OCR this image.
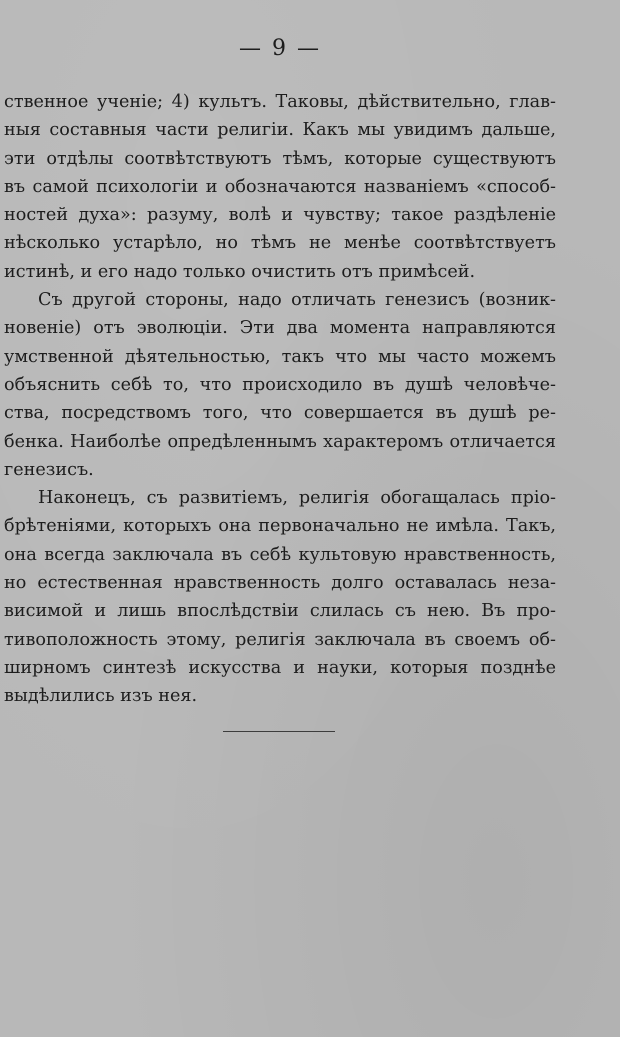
— 9 —
ственное ученіе; 4) культъ. Таковы, дѣйствительно, глав-
ныя составныя части религіи. Какъ мы увидимъ дальше,
эти отдѣлы соотвѣтствуютъ тѣмъ, которые существуютъ
въ самой психологіи и обозначаются названіемъ «способ-
ностей духа»: разуму, волѣ и чувству; такое раздѣленіе
нѣсколько устарѣло, но тѣмъ не менѣе соотвѣтствуетъ
истинѣ, и его надо только очистить отъ примѣсей.
Съ другой стороны, надо отличать генезисъ (возник-
новеніе) отъ эволюціи. Эти два момента направляются
умственной дѣятельностью, такъ что мы часто можемъ
объяснить себѣ то, что происходило въ душѣ человѣче-
ства, посредствомъ того, что совершается въ душѣ ре-
бенка. Наиболѣе опредѣленнымъ характеромъ отличается
генезисъ.
Наконецъ, съ развитіемъ, религія обогащалась пріо-
брѣтеніями, которыхъ она первоначально не имѣла. Такъ,
она всегда заключала въ себѣ культовую нравственность,
но естественная нравственность долго оставалась неза-
висимой и лишь впослѣдствіи слилась съ нею. Въ про-
тивоположность этому, религія заключала въ своемъ об-
ширномъ синтезѣ искусства и науки, которыя позднѣе
выдѣлились изъ нея.
